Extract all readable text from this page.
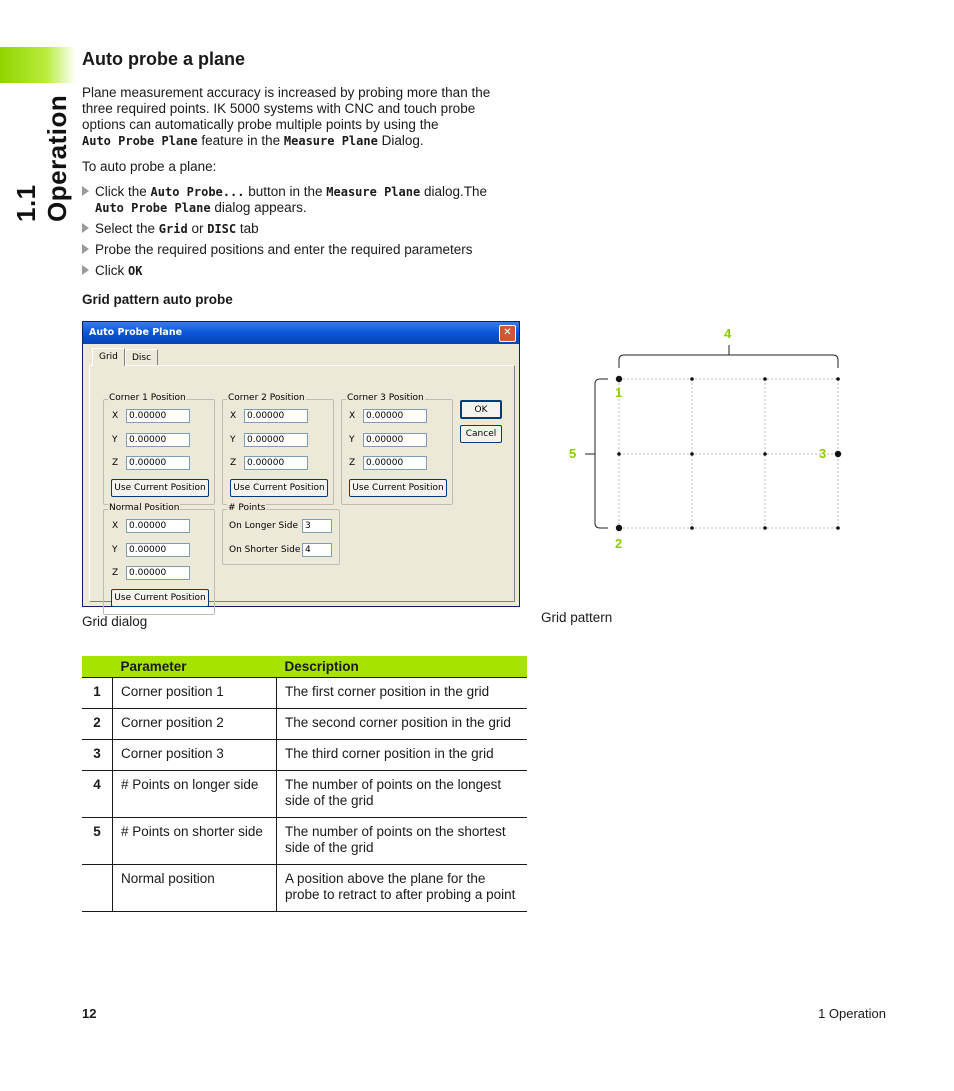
1.1 Operation
Auto probe a plane
Plane measurement accuracy is increased by probing more than the
three required points. IK 5000 systems with CNC and touch probe
options can automatically probe multiple points by using the
Auto Probe Plane feature in the Measure Plane Dialog.
To auto probe a plane:
Click the Auto Probe... button in the Measure Plane dialog.The
Auto Probe Plane dialog appears.
Select the Grid or DISC tab
Probe the required positions and enter the required parameters
Click OK
Grid pattern auto probe
Auto Probe Plane	✕
Grid	Disc
Corner 1 Position
X	0.00000
Y	0.00000
Z	0.00000
Use Current Position
Corner 2 Position
X	0.00000
Y	0.00000
Z	0.00000
Use Current Position
Corner 3 Position
X	0.00000
Y	0.00000
Z	0.00000
Use Current Position
Normal Position
X	0.00000
Y	0.00000
Z	0.00000
Use Current Position
# Points
On Longer Side 3
On Shorter Side 4
OK
Cancel
Grid dialog
1
2
3
4
5
Grid pattern
	Parameter	Description
1	Corner position 1	The first corner position in the grid
2	Corner position 2	The second corner position in the grid
3	Corner position 3	The third corner position in the grid
4	# Points on longer side	The number of points on the longest side of the grid
5	# Points on shorter side	The number of points on the shortest side of the grid
	Normal position	A position above the plane for the probe to retract to after probing a point
12	1 Operation
